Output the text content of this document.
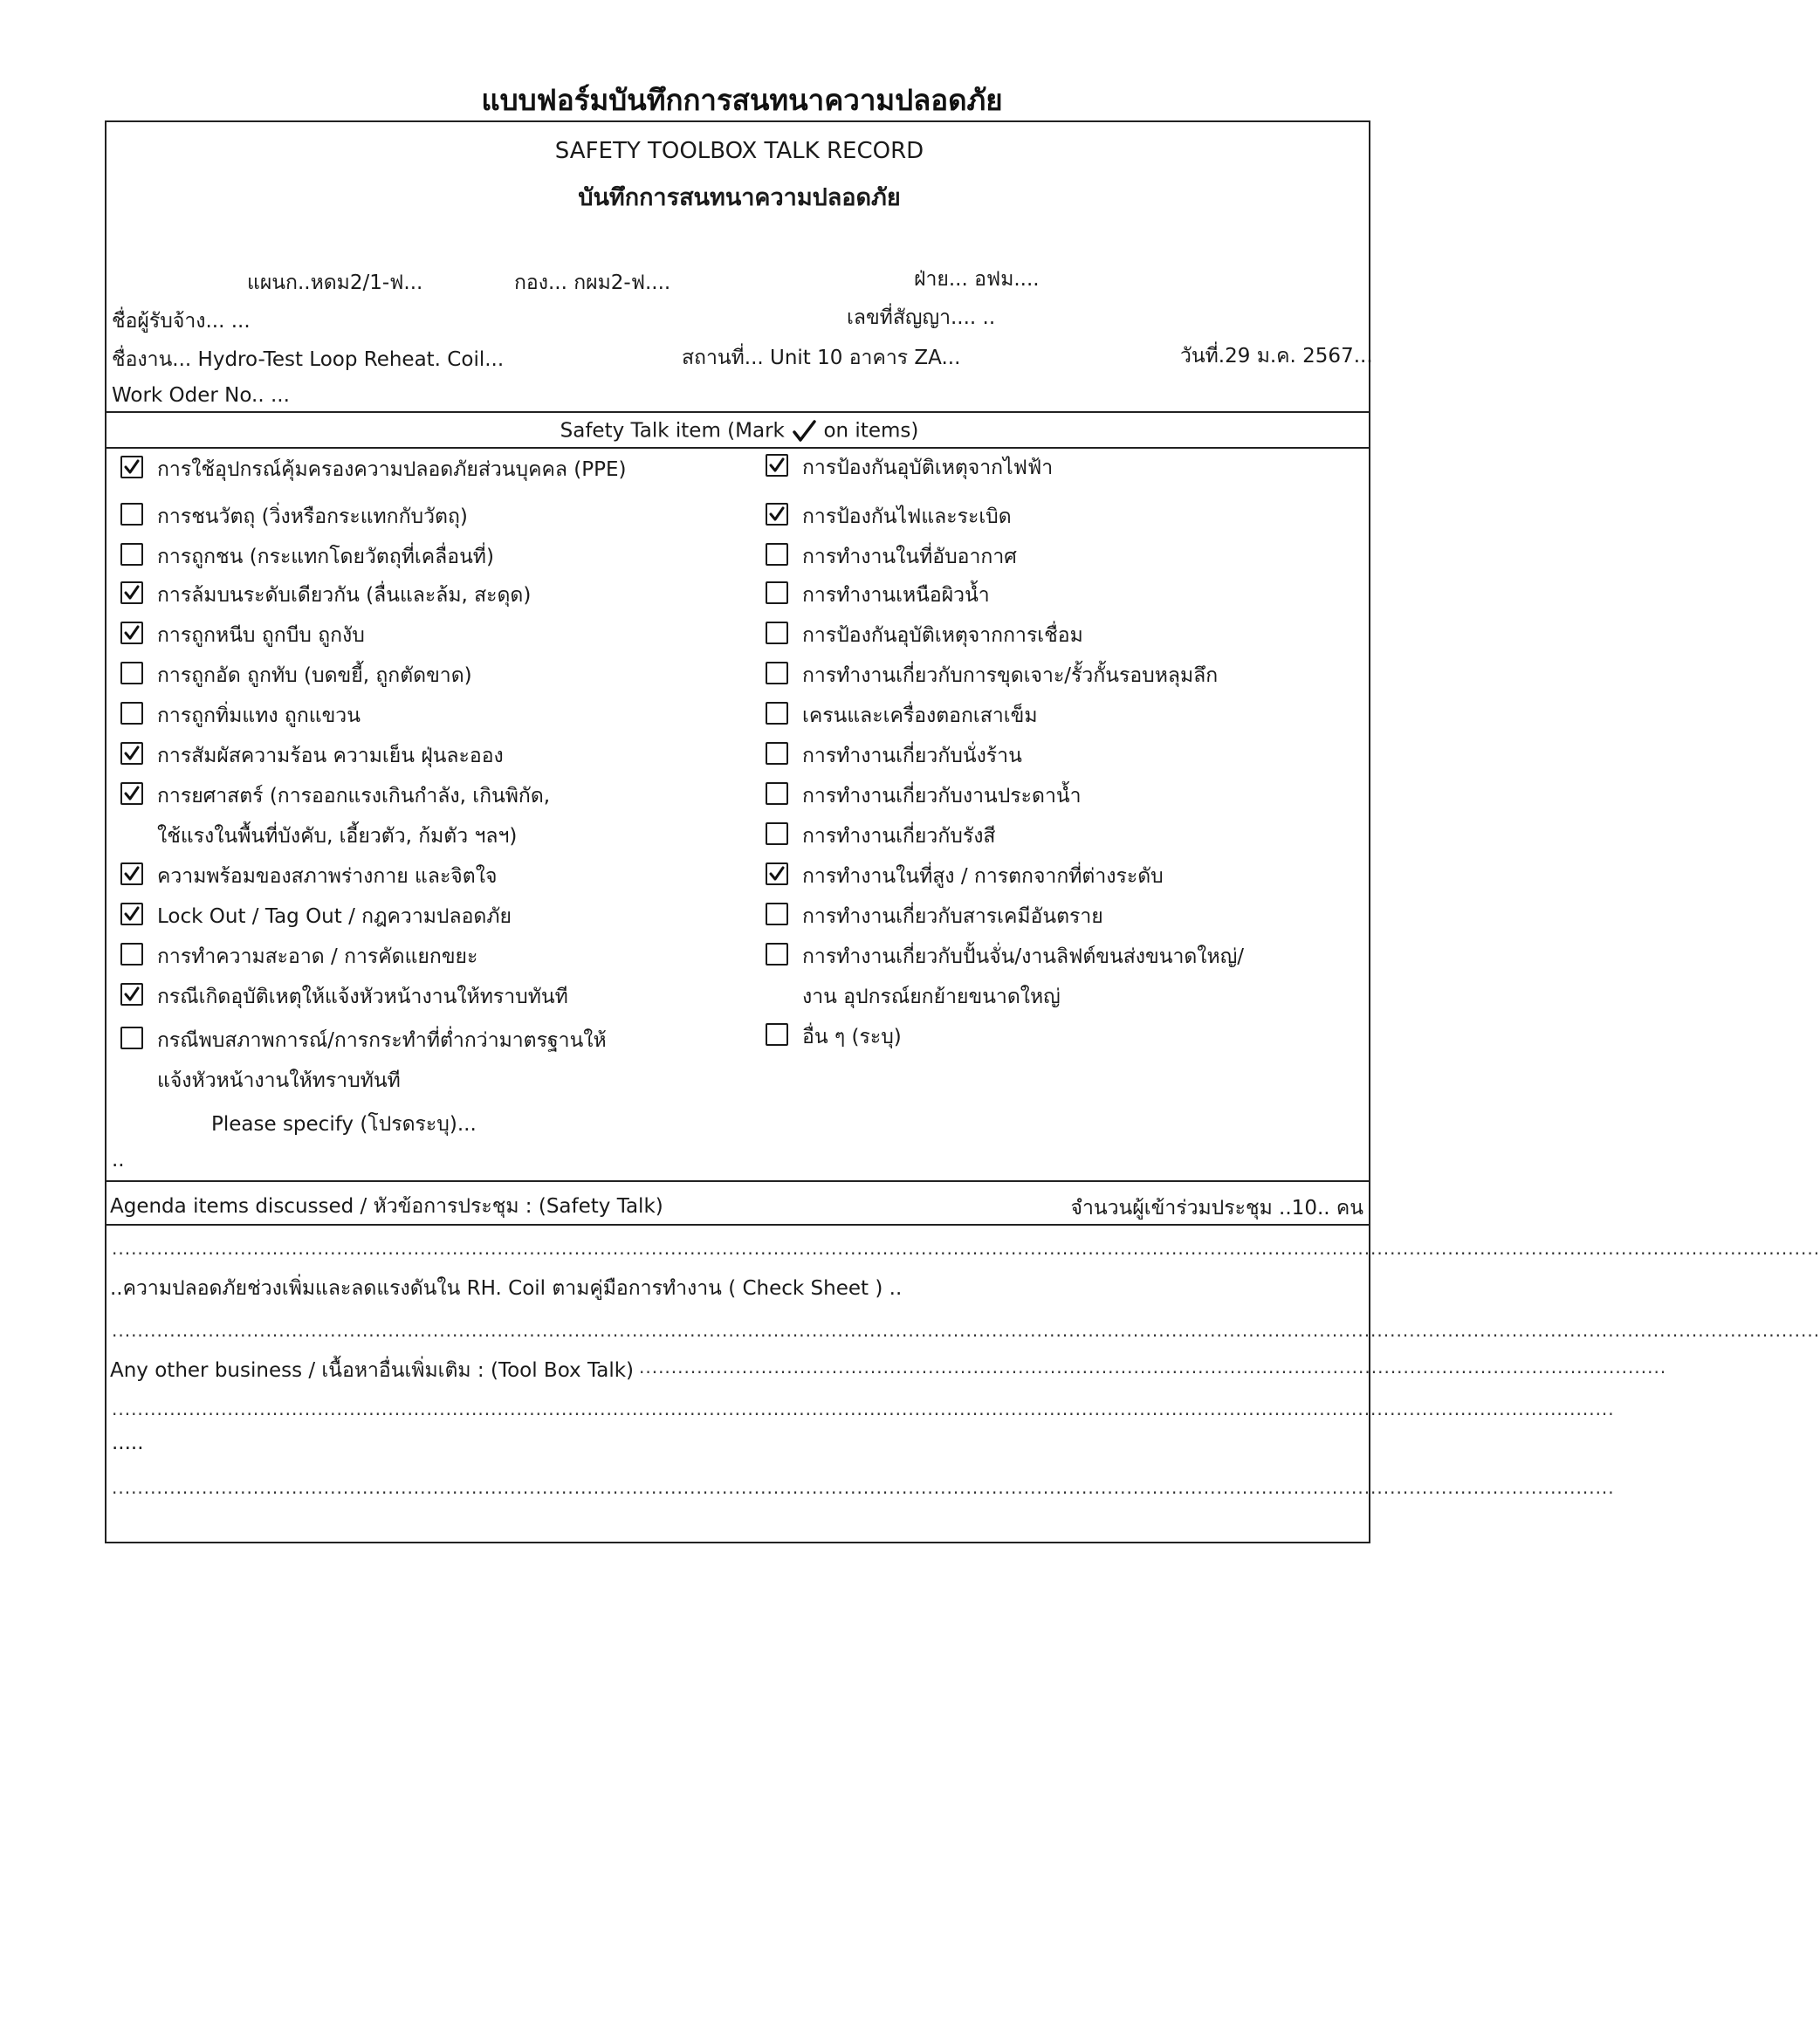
แบบฟอร์มบันทึกการสนทนาความปลอดภัย
SAFETY TOOLBOX TALK RECORD
บันทึกการสนทนาความปลอดภัย
แผนก..หดม2/1-ฟ...	กอง... กผม2-ฟ....	ฝ่าย... อฟม....
ชื่อผู้รับจ้าง... ...	เลขที่สัญญา.... ..
ชื่องาน... Hydro-Test Loop Reheat. Coil...	สถานที่... Unit 10 อาคาร ZA...	วันที่.29 ม.ค. 2567...
Work Oder No.. ...
Safety Talk item (Mark on items)
การใช้อุปกรณ์คุ้มครองความปลอดภัยส่วนบุคคล (PPE)
การชนวัตถุ (วิ่งหรือกระแทกกับวัตถุ)
การถูกชน (กระแทกโดยวัตถุที่เคลื่อนที่)
การล้มบนระดับเดียวกัน (ลื่นและล้ม, สะดุด)
การถูกหนีบ ถูกบีบ ถูกงับ
การถูกอัด ถูกทับ (บดขยี้, ถูกตัดขาด)
การถูกทิ่มแทง ถูกแขวน
การสัมผัสความร้อน ความเย็น ฝุ่นละออง
การยศาสตร์ (การออกแรงเกินกำลัง, เกินพิกัด,
ใช้แรงในพื้นที่บังคับ, เอี้ยวตัว, ก้มตัว ฯลฯ)
ความพร้อมของสภาพร่างกาย และจิตใจ
Lock Out / Tag Out / กฎความปลอดภัย
การทำความสะอาด / การคัดแยกขยะ
กรณีเกิดอุบัติเหตุให้แจ้งหัวหน้างานให้ทราบทันที
กรณีพบสภาพการณ์/การกระทำที่ต่ำกว่ามาตรฐานให้
แจ้งหัวหน้างานให้ทราบทันที
การป้องกันอุบัติเหตุจากไฟฟ้า
การป้องกันไฟและระเบิด
การทำงานในที่อับอากาศ
การทำงานเหนือผิวน้ำ
การป้องกันอุบัติเหตุจากการเชื่อม
การทำงานเกี่ยวกับการขุดเจาะ/รั้วกั้นรอบหลุมลึก
เครนและเครื่องตอกเสาเข็ม
การทำงานเกี่ยวกับนั่งร้าน
การทำงานเกี่ยวกับงานประดาน้ำ
การทำงานเกี่ยวกับรังสี
การทำงานในที่สูง / การตกจากที่ต่างระดับ
การทำงานเกี่ยวกับสารเคมีอันตราย
การทำงานเกี่ยวกับปั้นจั่น/งานลิฟต์ขนส่งขนาดใหญ่/
งาน อุปกรณ์ยกย้ายขนาดใหญ่
อื่น ๆ (ระบุ)
Please specify (โปรดระบุ)...
..
Agenda items discussed / หัวข้อการประชุม : (Safety Talk)	จำนวนผู้เข้าร่วมประชุม ..10.. คน
..........................................................................................................................................................................................................................................................................
..ความปลอดภัยช่วงเพิ่มและลดแรงดันใน RH. Coil ตามคู่มือการทำงาน ( Check Sheet ) ..
..........................................................................................................................................................................................................................................................................
Any other business / เนื้อหาอื่นเพิ่มเติม : (Tool Box Talk) ................................................................................................................................................................
..........................................................................................................................................................................................................................................
.....
..........................................................................................................................................................................................................................................
